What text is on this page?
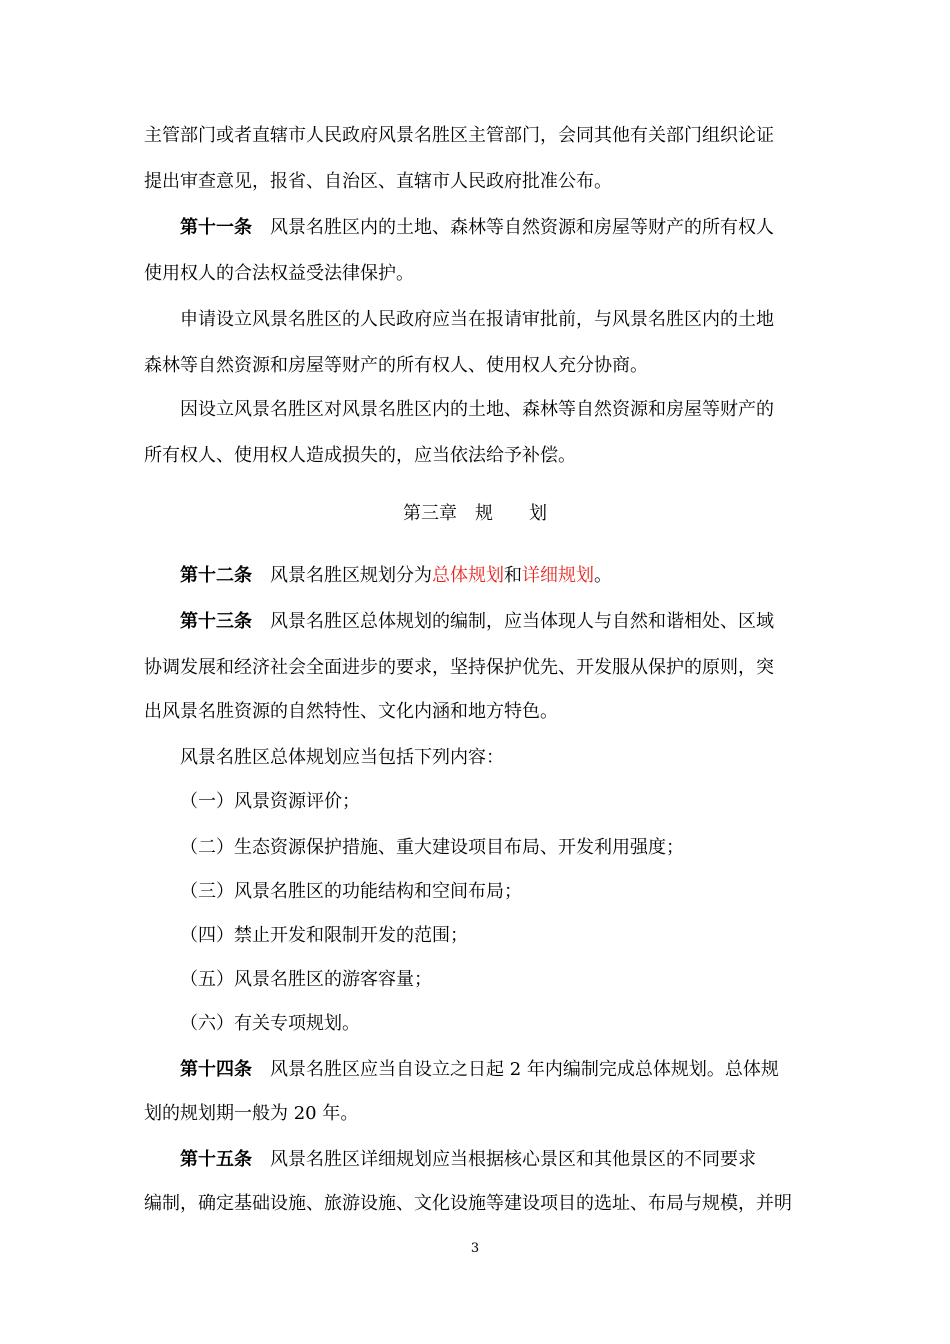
主管部门或者直辖市人民政府风景名胜区主管部门，会同其他有关部门组织论证
提出审查意见，报省、自治区、直辖市人民政府批准公布。
第十一条 风景名胜区内的土地、森林等自然资源和房屋等财产的所有权人
使用权人的合法权益受法律保护。
申请设立风景名胜区的人民政府应当在报请审批前，与风景名胜区内的土地
森林等自然资源和房屋等财产的所有权人、使用权人充分协商。
因设立风景名胜区对风景名胜区内的土地、森林等自然资源和房屋等财产的
所有权人、使用权人造成损失的，应当依法给予补偿。
第三章　规　　划
第十二条 风景名胜区规划分为总体规划和详细规划。
第十三条 风景名胜区总体规划的编制，应当体现人与自然和谐相处、区域
协调发展和经济社会全面进步的要求，坚持保护优先、开发服从保护的原则，突
出风景名胜资源的自然特性、文化内涵和地方特色。
风景名胜区总体规划应当包括下列内容：
（一）风景资源评价；
（二）生态资源保护措施、重大建设项目布局、开发利用强度；
（三）风景名胜区的功能结构和空间布局；
（四）禁止开发和限制开发的范围；
（五）风景名胜区的游客容量；
（六）有关专项规划。
第十四条 风景名胜区应当自设立之日起 2 年内编制完成总体规划。总体规
划的规划期一般为 20 年。
第十五条 风景名胜区详细规划应当根据核心景区和其他景区的不同要求
编制，确定基础设施、旅游设施、文化设施等建设项目的选址、布局与规模，并明
3
